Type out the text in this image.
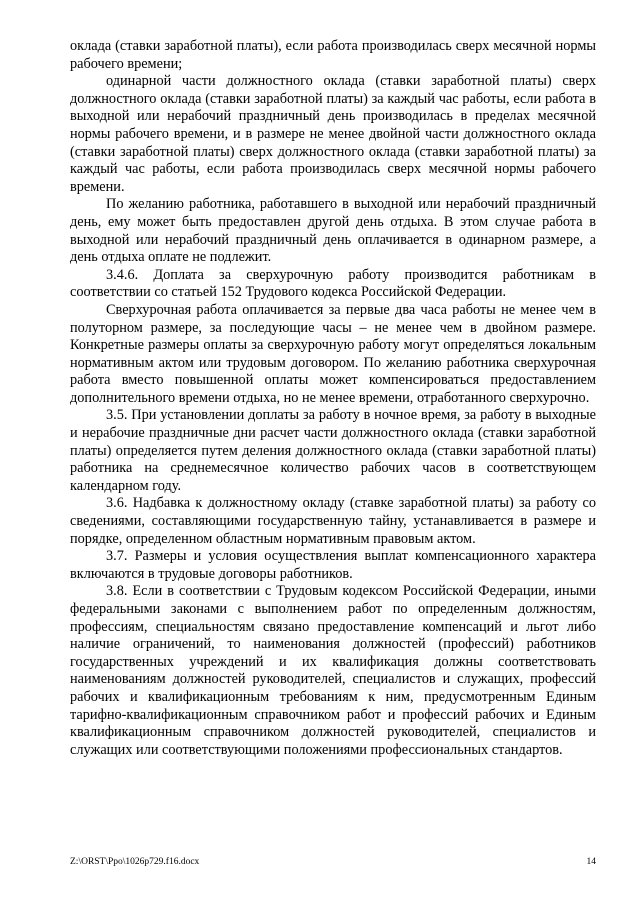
оклада (ставки заработной платы), если работа производилась сверх месячной нормы рабочего времени;

одинарной части должностного оклада (ставки заработной платы) сверх должностного оклада (ставки заработной платы) за каждый час работы, если работа в выходной или нерабочий праздничный день производилась в пределах месячной нормы рабочего времени, и в размере не менее двойной части должностного оклада (ставки заработной платы) сверх должностного оклада (ставки заработной платы) за каждый час работы, если работа производилась сверх месячной нормы рабочего времени.

По желанию работника, работавшего в выходной или нерабочий праздничный день, ему может быть предоставлен другой день отдыха. В этом случае работа в выходной или нерабочий праздничный день оплачивается в одинарном размере, а день отдыха оплате не подлежит.

3.4.6. Доплата за сверхурочную работу производится работникам в соответствии со статьей 152 Трудового кодекса Российской Федерации.

Сверхурочная работа оплачивается за первые два часа работы не менее чем в полуторном размере, за последующие часы – не менее чем в двойном размере. Конкретные размеры оплаты за сверхурочную работу могут определяться локальным нормативным актом или трудовым договором. По желанию работника сверхурочная работа вместо повышенной оплаты может компенсироваться предоставлением дополнительного времени отдыха, но не менее времени, отработанного сверхурочно.

3.5. При установлении доплаты за работу в ночное время, за работу в выходные и нерабочие праздничные дни расчет части должностного оклада (ставки заработной платы) определяется путем деления должностного оклада (ставки заработной платы) работника на среднемесячное количество рабочих часов в соответствующем календарном году.

3.6. Надбавка к должностному окладу (ставке заработной платы) за работу со сведениями, составляющими государственную тайну, устанавливается в размере и порядке, определенном областным нормативным правовым актом.

3.7. Размеры и условия осуществления выплат компенсационного характера включаются в трудовые договоры работников.

3.8. Если в соответствии с Трудовым кодексом Российской Федерации, иными федеральными законами с выполнением работ по определенным должностям, профессиям, специальностям связано предоставление компенсаций и льгот либо наличие ограничений, то наименования должностей (профессий) работников государственных учреждений и их квалификация должны соответствовать наименованиям должностей руководителей, специалистов и служащих, профессий рабочих и квалификационным требованиям к ним, предусмотренным Единым тарифно-квалификационным справочником работ и профессий рабочих и Единым квалификационным справочником должностей руководителей, специалистов и служащих или соответствующими положениями профессиональных стандартов.

Z:\ORST\Ppo\1026p729.f16.docx	14
